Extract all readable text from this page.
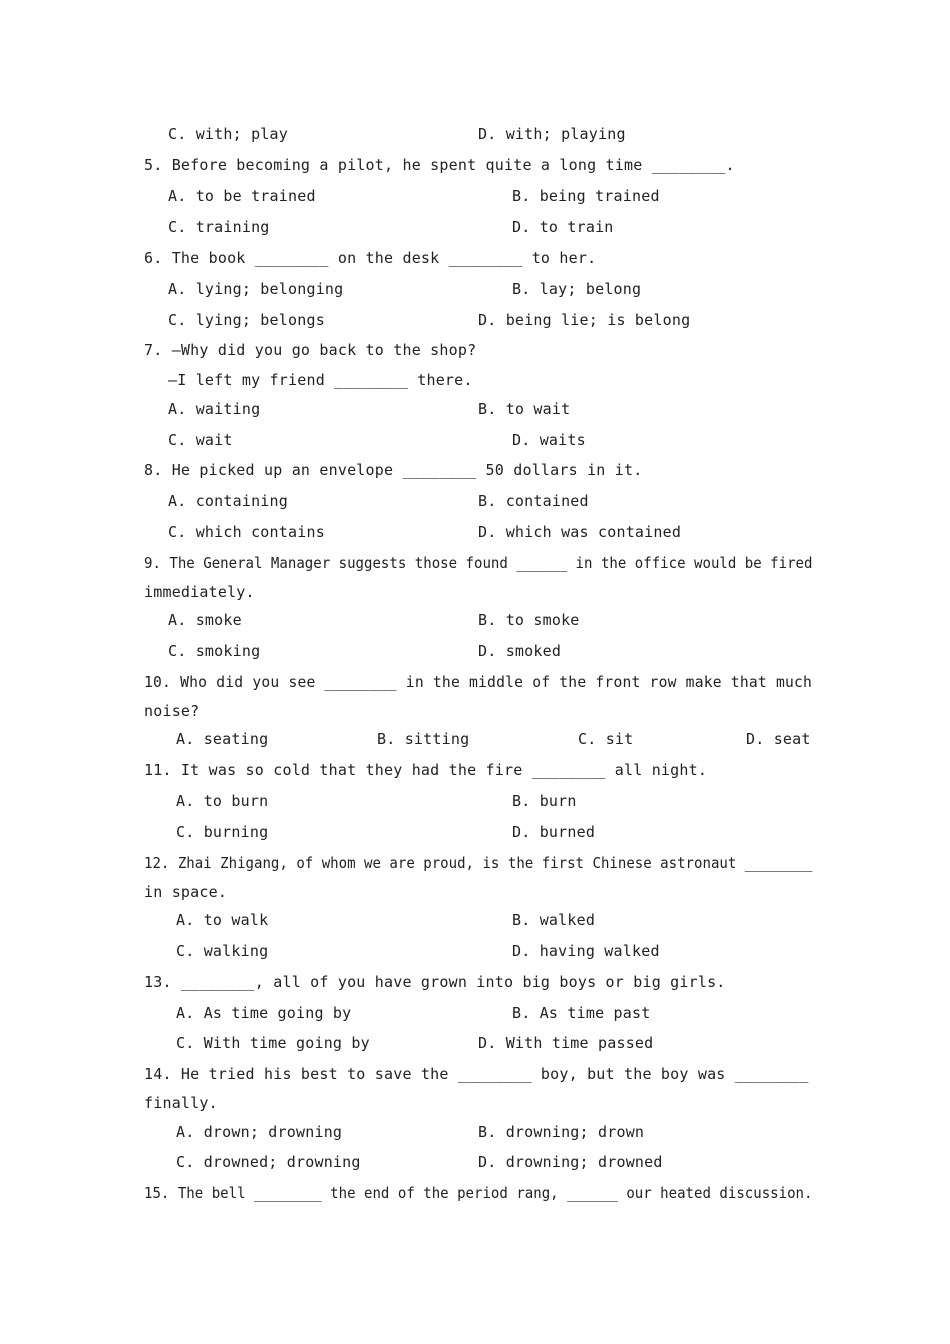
C. with; play	D. with; playing
5. Before becoming a pilot, he spent quite a long time ________.
A. to be trained	B. being trained
C. training	D. to train
6. The book ________ on the desk ________ to her.
A. lying; belonging	B. lay; belong
C. lying; belongs	D. being lie; is belong
7. —Why did you go back to the shop?
—I left my friend ________ there.
A. waiting	B. to wait
C. wait	D. waits
8. He picked up an envelope ________ 50 dollars in it.
A. containing	B. contained
C. which contains	D. which was contained
9. The General Manager suggests those found ______ in the office would be fired
immediately.
A. smoke	B. to smoke
C. smoking	D. smoked
10. Who did you see ________ in the middle of the front row make that much
noise?
A. seating	B. sitting	C. sit	D. seat
11. It was so cold that they had the fire ________ all night.
A. to burn	B. burn
C. burning	D. burned
12. Zhai Zhigang, of whom we are proud, is the first Chinese astronaut ________
in space.
A. to walk	B. walked
C. walking	D. having walked
13. ________, all of you have grown into big boys or big girls.
A. As time going by	B. As time past
C. With time going by	D. With time passed
14. He tried his best to save the ________ boy, but the boy was ________
finally.
A. drown; drowning	B. drowning; drown
C. drowned; drowning	D. drowning; drowned
15. The bell ________ the end of the period rang, ______ our heated discussion.
